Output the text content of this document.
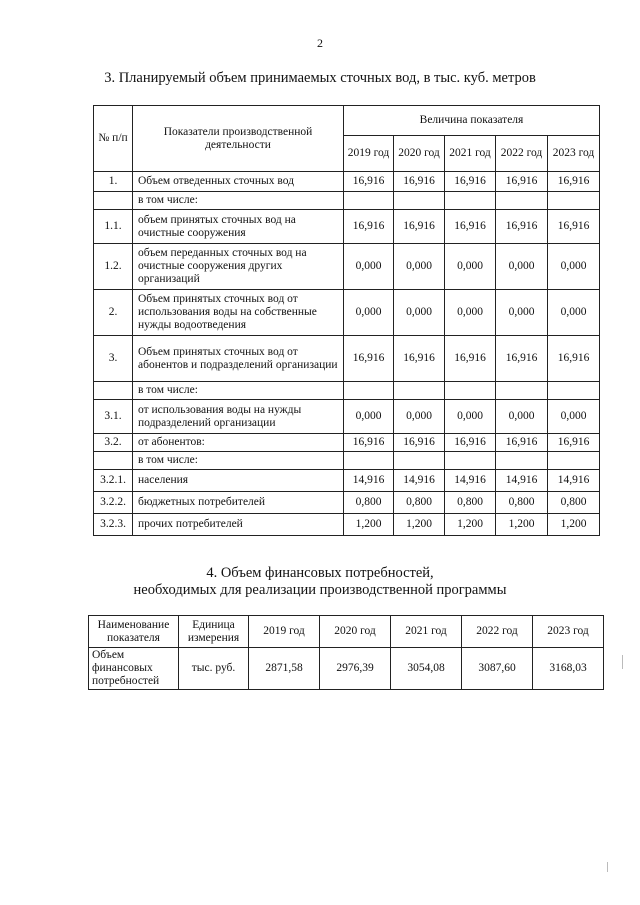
2
3. Планируемый объем принимаемых сточных вод, в тыс. куб. метров
№ п/п	Показатели производственной деятельности	Величина показателя				
		2019 год	2020 год	2021 год	2022 год	2023 год
1.	Объем отведенных сточных вод	16,916	16,916	16,916	16,916	16,916
	в том числе:					
1.1.	объем принятых сточных вод на очистные сооружения	16,916	16,916	16,916	16,916	16,916
1.2.	объем переданных сточных вод на очистные сооружения других организаций	0,000	0,000	0,000	0,000	0,000
2.	Объем принятых сточных вод от использования воды на собственные нужды водоотведения	0,000	0,000	0,000	0,000	0,000
3.	Объем принятых сточных вод от абонентов и подразделений организации	16,916	16,916	16,916	16,916	16,916
	в том числе:					
3.1.	от использования воды на нужды подразделений организации	0,000	0,000	0,000	0,000	0,000
3.2.	от абонентов:	16,916	16,916	16,916	16,916	16,916
	в том числе:					
3.2.1.	населения	14,916	14,916	14,916	14,916	14,916
3.2.2.	бюджетных потребителей	0,800	0,800	0,800	0,800	0,800
3.2.3.	прочих потребителей	1,200	1,200	1,200	1,200	1,200
4. Объем финансовых потребностей,
необходимых для реализации производственной программы
Наименование показателя	Единица измерения	2019 год	2020 год	2021 год	2022 год	2023 год
Объем финансовых потребностей	тыс. руб.	2871,58	2976,39	3054,08	3087,60	3168,03
